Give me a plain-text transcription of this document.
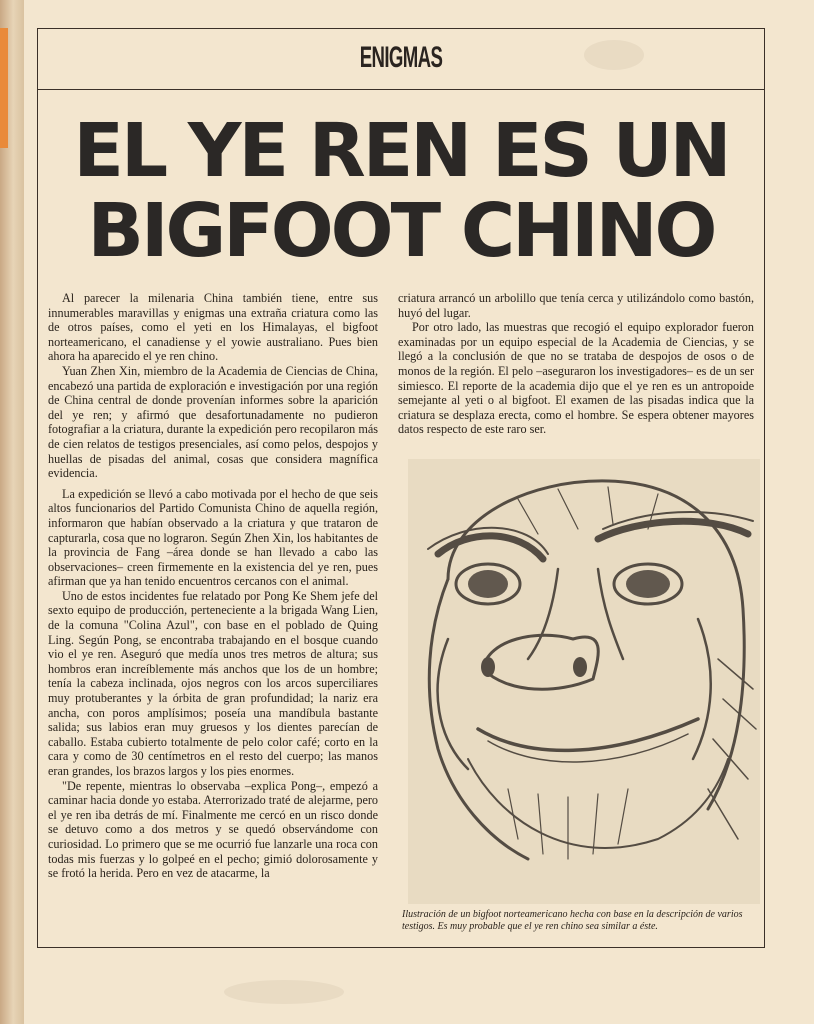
ENIGMAS
EL YE REN ES UN
BIGFOOT CHINO

Al parecer la milenaria China también tiene, entre sus innumerables maravillas y enigmas una extraña criatura como las de otros países, como el yeti en los Himalayas, el bigfoot norteamericano, el canadiense y el yowie australiano. Pues bien ahora ha aparecido el ye ren chino.

Yuan Zhen Xin, miembro de la Academia de Ciencias de China, encabezó una partida de exploración e investigación por una región de China central de donde provenían informes sobre la aparición del ye ren; y afirmó que desafortunadamente no pudieron fotografiar a la criatura, durante la expedición pero recopilaron más de cien relatos de testigos presenciales, así como pelos, despojos y huellas de pisadas del animal, cosas que considera magnífica evidencia.

La expedición se llevó a cabo motivada por el hecho de que seis altos funcionarios del Partido Comunista Chino de aquella región, informaron que habían observado a la criatura y que trataron de capturarla, cosa que no lograron. Según Zhen Xin, los habitantes de la provincia de Fang –área donde se han llevado a cabo las observaciones– creen firmemente en la existencia del ye ren, pues afirman que ya han tenido encuentros cercanos con el animal.

Uno de estos incidentes fue relatado por Pong Ke Shem jefe del sexto equipo de producción, perteneciente a la brigada Wang Lien, de la comuna "Colina Azul", con base en el poblado de Quing Ling. Según Pong, se encontraba trabajando en el bosque cuando vio el ye ren. Aseguró que medía unos tres metros de altura; sus hombros eran increíblemente más anchos que los de un hombre; tenía la cabeza inclinada, ojos negros con los arcos superciliares muy protuberantes y la órbita de gran profundidad; la nariz era ancha, con poros amplísimos; poseía una mandíbula bastante salida; sus labios eran muy gruesos y los dientes parecían de caballo. Estaba cubierto totalmente de pelo color café; corto en la cara y como de 30 centímetros en el resto del cuerpo; las manos eran grandes, los brazos largos y los pies enormes.

"De repente, mientras lo observaba –explica Pong–, empezó a caminar hacia donde yo estaba. Aterrorizado traté de alejarme, pero el ye ren iba detrás de mí. Finalmente me cercó en un risco donde se detuvo como a dos metros y se quedó observándome con curiosidad. Lo primero que se me ocurrió fue lanzarle una roca con todas mis fuerzas y lo golpeé en el pecho; gimió dolorosamente y se frotó la herida. Pero en vez de atacarme, la

criatura arrancó un arbolillo que tenía cerca y utilizándolo como bastón, huyó del lugar.

Por otro lado, las muestras que recogió el equipo explorador fueron examinadas por un equipo especial de la Academia de Ciencias, y se llegó a la conclusión de que no se trataba de despojos de osos o de monos de la región. El pelo –aseguraron los investigadores– es de un ser simiesco. El reporte de la academia dijo que el ye ren es un antropoide semejante al yeti o al bigfoot. El examen de las pisadas indica que la criatura se desplaza erecta, como el hombre. Se espera obtener mayores datos respecto de este raro ser.

Ilustración de un bigfoot norteamericano hecha con base en la descripción de varios testigos. Es muy probable que el ye ren chino sea similar a éste.
